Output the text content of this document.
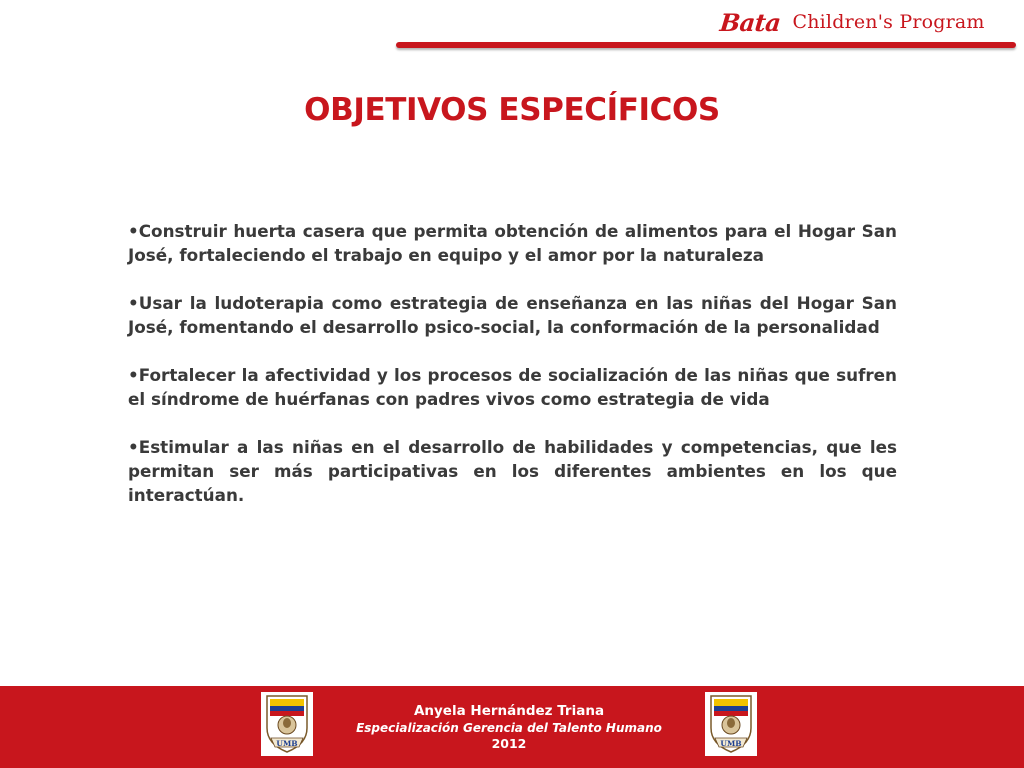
Bata Children's Program
OBJETIVOS ESPECÍFICOS
•Construir huerta casera que permita obtención de alimentos para el Hogar San José, fortaleciendo el trabajo en equipo y el amor por la naturaleza
•Usar la ludoterapia como estrategia de enseñanza en las niñas del Hogar San José, fomentando el desarrollo psico-social, la conformación de la personalidad
•Fortalecer la afectividad y los procesos de socialización de las niñas que sufren el síndrome de huérfanas con padres vivos como estrategia de vida
•Estimular a las niñas en el desarrollo de habilidades y competencias, que les permitan ser más participativas en los diferentes ambientes en los que interactúan.
UMB
Anyela Hernández Triana
Especialización Gerencia del Talento Humano
2012	UMB
